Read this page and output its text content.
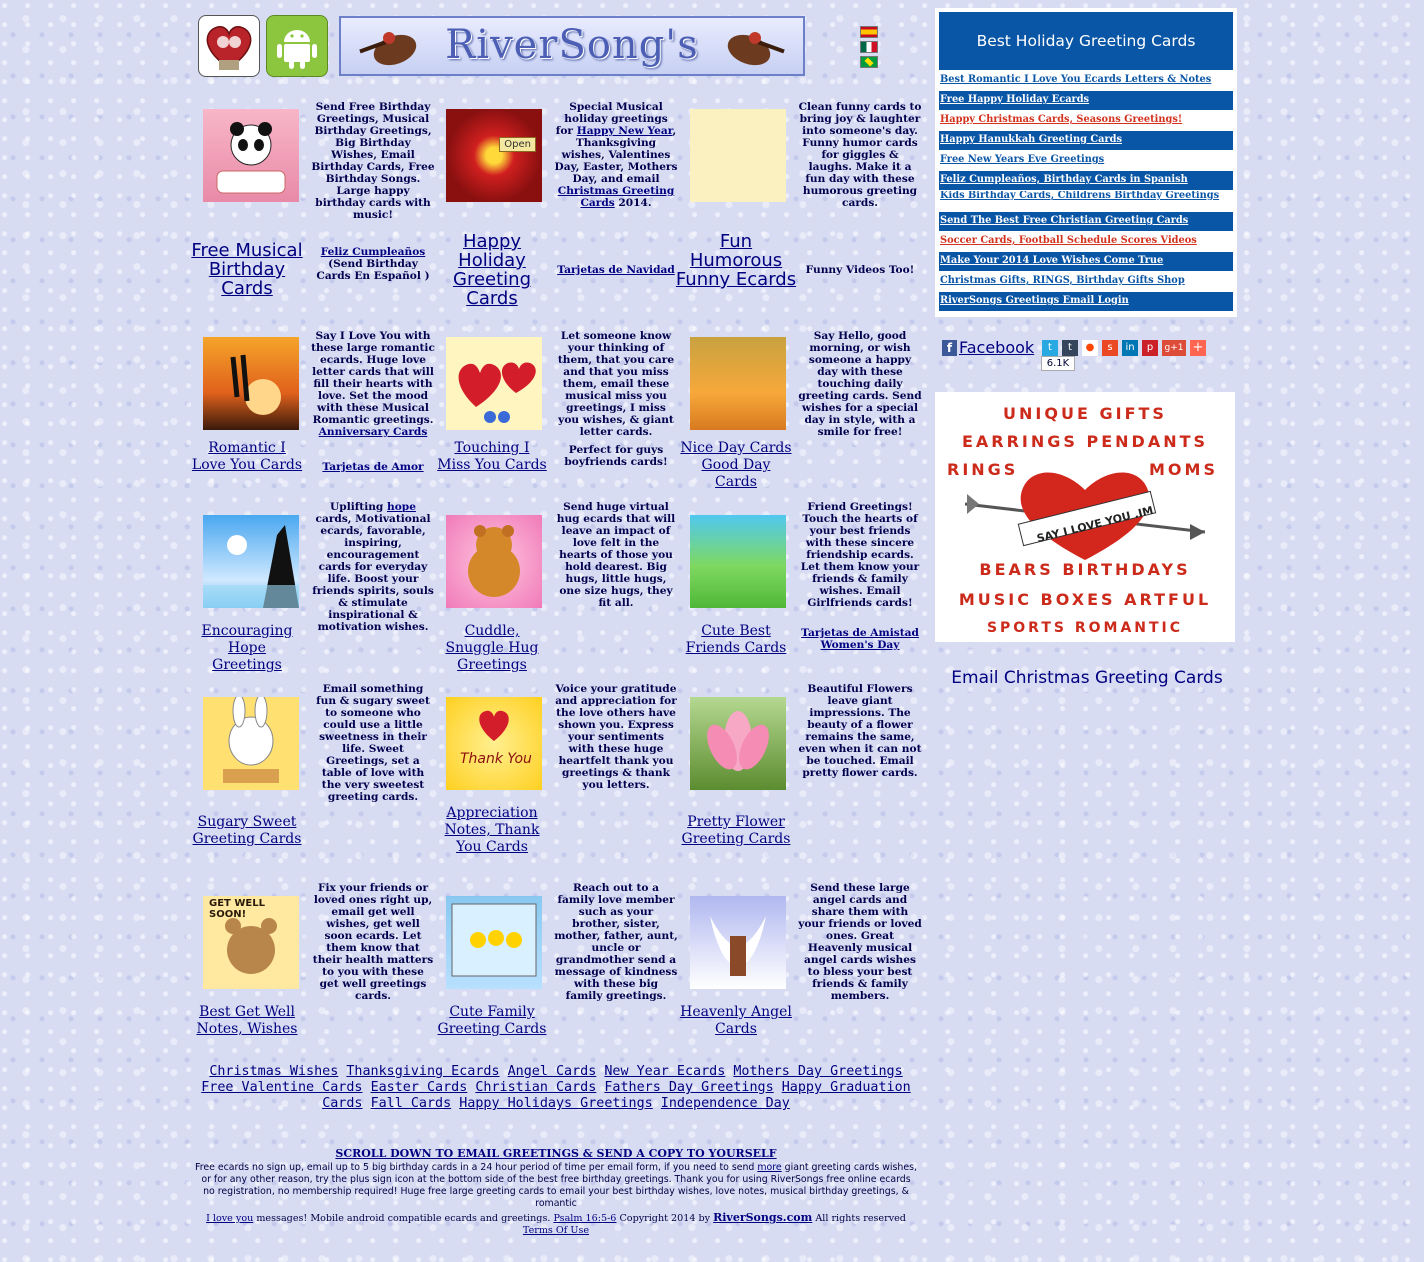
RiverSong's
Send Free Birthday Greetings, Musical Birthday Greetings, Big Birthday Wishes, Email Birthday Cards, Free Birthday Songs. Large happy birthday cards with music!
Free Musical Birthday Cards
Feliz Cumpleaños
(Send Birthday Cards En Español )
Open
Special Musical holiday greetings for Happy New Year, Thanksgiving wishes, Valentines Day, Easter, Mothers Day, and email Christmas Greeting Cards 2014.
Happy Holiday Greeting Cards
Tarjetas de Navidad
Clean funny cards to bring joy & laughter into someone's day. Funny humor cards for giggles & laughs. Make it a fun day with these humorous greeting cards.
Fun Humorous Funny Ecards Funny Videos Too!
Say I Love You with these large romantic ecards. Huge love letter cards that will fill their hearts with love. Set the mood with these Musical Romantic greetings. Anniversary Cards
Romantic I Love You Cards	Tarjetas de Amor
Let someone know your thinking of them, that you care and that you miss them, email these musical miss you greetings, I miss you wishes, & giant letter cards.
Touching I Miss You Cards
Perfect for guys boyfriends cards!
Say Hello, good morning, or wish someone a happy day with these touching daily greeting cards. Send wishes for a special day in style, with a smile for free!
Nice Day Cards Good Day Cards
Uplifting hope cards, Motivational ecards, favorable, inspiring, encouragement cards for everyday life. Boost your friends spirits, souls & stimulate inspirational & motivation wishes.
Encouraging Hope Greetings
Send huge virtual hug ecards that will leave an impact of love felt in the hearts of those you hold dearest. Big hugs, little hugs, one size hugs, they fit all.
Cuddle, Snuggle Hug Greetings
Friend Greetings! Touch the hearts of your best friends with these sincere friendship ecards. Let them know your friends & family wishes. Email Girlfriends cards!
Cute Best Friends Cards
Tarjetas de Amistad
Women's Day
Email something fun & sugary sweet to someone who could use a little sweetness in their life. Sweet Greetings, set a table of love with the very sweetest greeting cards.
Sugary Sweet Greeting Cards
Thank You
Voice your gratitude and appreciation for the love others have shown you. Express your sentiments with these huge heartfelt thank you greetings & thank you letters.
Appreciation Notes, Thank You Cards
Beautiful Flowers leave giant impressions. The beauty of a flower remains the same, even when it can not be touched. Email pretty flower cards.
Pretty Flower Greeting Cards
GET WELL SOON!
Fix your friends or loved ones right up, email get well wishes, get well soon ecards. Let them know that their health matters to you with these get well greetings cards.
Best Get Well Notes, Wishes
Reach out to a family love member such as your brother, sister, mother, father, aunt, uncle or grandmother send a message of kindness with these big family greetings.
Cute Family Greeting Cards
Send these large angel cards and share them with your friends or loved ones. Great Heavenly musical angel cards wishes to bless your best friends & family members.
Heavenly Angel Cards
Best Holiday Greeting Cards
Best Romantic I Love You Ecards Letters & Notes
Free Happy Holiday Ecards
Happy Christmas Cards, Seasons Greetings!
Happy Hanukkah Greeting Cards
Free New Years Eve Greetings
Feliz Cumpleaños, Birthday Cards in Spanish
Kids Birthday Cards, Childrens Birthday Greetings
Send The Best Free Christian Greeting Cards
Soccer Cards, Football Schedule Scores Videos
Make Your 2014 Love Wishes Come True
Christmas Gifts, RINGS, Birthday Gifts Shop
RiverSongs Greetings Email Login
f Facebook	t	t	●	s	in	p	g+1 +
6.1K
UNIQUE GIFTS
EARRINGS PENDANTS
RINGS	MOMS
SAY I LOVE YOU .IM
BEARS BIRTHDAYS
MUSIC BOXES ARTFUL
SPORTS ROMANTIC
Email Christmas Greeting Cards
Christmas Wishes Thanksgiving Ecards Angel Cards New Year Ecards Mothers Day Greetings Free Valentine Cards Easter Cards Christian Cards Fathers Day Greetings Happy Graduation Cards Fall Cards Happy Holidays Greetings Independence Day
SCROLL DOWN TO EMAIL GREETINGS & SEND A COPY TO YOURSELF
Free ecards no sign up, email up to 5 big birthday cards in a 24 hour period of time per email form, if you need to send more giant greeting cards wishes,
or for any other reason, try the plus sign icon at the bottom side of the best free birthday greetings. Thank you for using RiverSongs free online ecards no registration, no membership required! Huge free large greeting cards to email your best birthday wishes, love notes, musical birthday greetings, & romantic
I love you messages! Mobile android compatible ecards and greetings. Psalm 16:5-6 Copyright 2014 by RiverSongs.com All rights reserved Terms Of Use
